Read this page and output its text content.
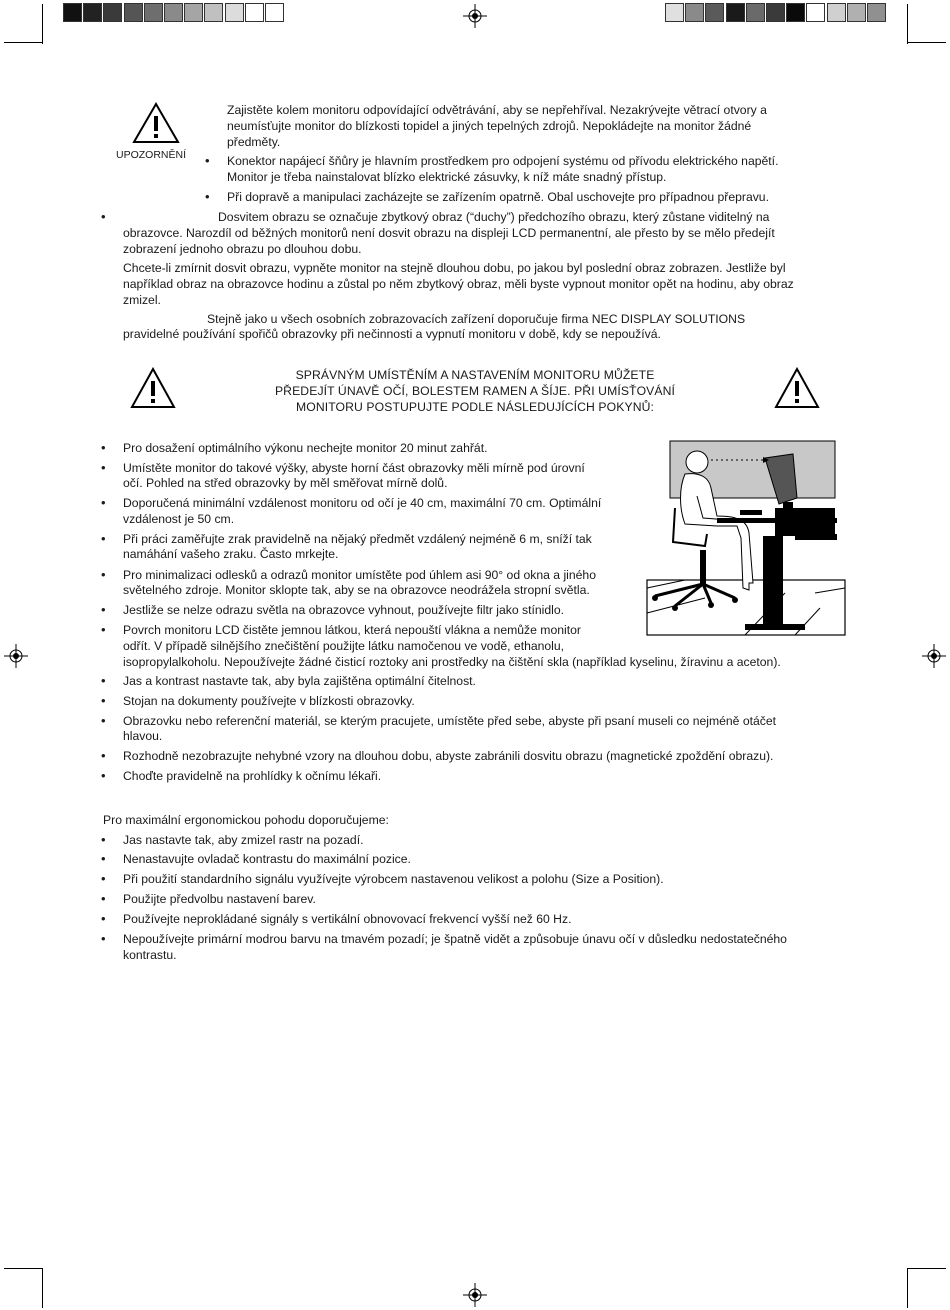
UPOZORNĚNÍ
Zajistěte kolem monitoru odpovídající odvětrávání, aby se nepřehříval. Nezakrývejte větrací otvory a
neumísťujte monitor do blízkosti topidel a jiných tepelných zdrojů. Nepokládejte na monitor žádné
předměty.
• Konektor napájecí šňůry je hlavním prostředkem pro odpojení systému od přívodu elektrického napětí.
Monitor je třeba nainstalovat blízko elektrické zásuvky, k níž máte snadný přístup.
• Při dopravě a manipulaci zacházejte se zařízením opatrně. Obal uschovejte pro případnou přepravu.
•	Dosvitem obrazu se označuje zbytkový obraz (“duchy”) předchozího obrazu, který zůstane viditelný na
obrazovce. Narozdíl od běžných monitorů není dosvit obrazu na displeji LCD permanentní, ale přesto by se mělo předejít
zobrazení jednoho obrazu po dlouhou dobu.
Chcete-li zmírnit dosvit obrazu, vypněte monitor na stejně dlouhou dobu, po jakou byl poslední obraz zobrazen. Jestliže byl
například obraz na obrazovce hodinu a zůstal po něm zbytkový obraz, měli byste vypnout monitor opět na hodinu, aby obraz
zmizel.
Stejně jako u všech osobních zobrazovacích zařízení doporučuje firma NEC DISPLAY SOLUTIONS
pravidelné používání spořičů obrazovky při nečinnosti a vypnutí monitoru v době, kdy se nepoužívá.
SPRÁVNÝM UMÍSTĚNÍM A NASTAVENÍM MONITORU MŮŽETE
PŘEDEJÍT ÚNAVĚ OČÍ, BOLESTEM RAMEN A ŠÍJE. PŘI UMÍSŤOVÁNÍ
MONITORU POSTUPUJTE PODLE NÁSLEDUJÍCÍCH POKYNŮ:
• Pro dosažení optimálního výkonu nechejte monitor 20 minut zahřát.
• Umístěte monitor do takové výšky, abyste horní část obrazovky měli mírně pod úrovní
očí. Pohled na střed obrazovky by měl směřovat mírně dolů.
• Doporučená minimální vzdálenost monitoru od očí je 40 cm, maximální 70 cm. Optimální
vzdálenost je 50 cm.
• Při práci zaměřujte zrak pravidelně na nějaký předmět vzdálený nejméně 6 m, sníží tak
namáhání vašeho zraku. Často mrkejte.
• Pro minimalizaci odlesků a odrazů monitor umístěte pod úhlem asi 90° od okna a jiného
světelného zdroje. Monitor sklopte tak, aby se na obrazovce neodrážela stropní světla.
• Jestliže se nelze odrazu světla na obrazovce vyhnout, používejte filtr jako stínidlo.
• Povrch monitoru LCD čistěte jemnou látkou, která nepouští vlákna a nemůže monitor
odřít. V případě silnějšího znečištění použijte látku namočenou ve vodě, ethanolu,
isopropylalkoholu. Nepoužívejte žádné čisticí roztoky ani prostředky na čištění skla (například kyselinu, žíravinu a aceton).
• Jas a kontrast nastavte tak, aby byla zajištěna optimální čitelnost.
• Stojan na dokumenty používejte v blízkosti obrazovky.
• Obrazovku nebo referenční materiál, se kterým pracujete, umístěte před sebe, abyste při psaní museli co nejméně otáčet
hlavou.
• Rozhodně nezobrazujte nehybné vzory na dlouhou dobu, abyste zabránili dosvitu obrazu (magnetické zpoždění obrazu).
• Choďte pravidelně na prohlídky k očnímu lékaři.
Pro maximální ergonomickou pohodu doporučujeme:
• Jas nastavte tak, aby zmizel rastr na pozadí.
• Nenastavujte ovladač kontrastu do maximální pozice.
• Při použití standardního signálu využívejte výrobcem nastavenou velikost a polohu (Size a Position).
• Použijte předvolbu nastavení barev.
• Používejte neprokládané signály s vertikální obnovovací frekvencí vyšší než 60 Hz.
• Nepoužívejte primární modrou barvu na tmavém pozadí; je špatně vidět a způsobuje únavu očí v důsledku nedostatečného
kontrastu.
